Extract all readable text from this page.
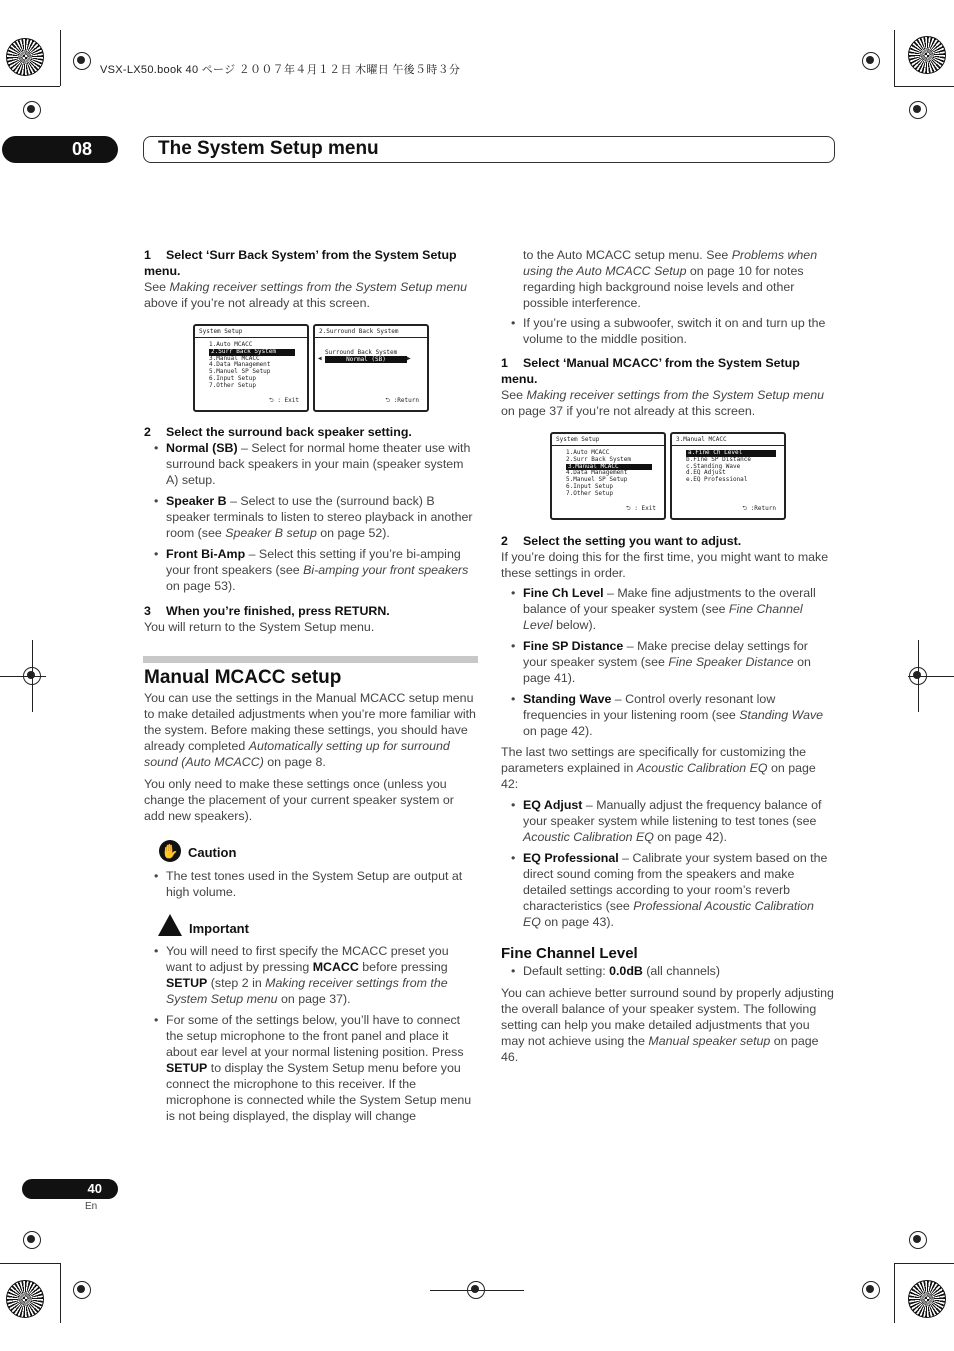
VSX-LX50.book 40 ページ ２００７年４月１２日 木曜日 午後５時３分
08	The System Setup menu

1 Select ‘Surr Back System’ from the System Setup menu.

See Making receiver settings from the System Setup menu above if you’re not already at this screen.

System Setup
1.Auto MCACC
2.Surr Back System
3.Manual MCACC
4.Data Management
5.Manuel SP Setup
6.Input Setup
7.Other Setup
⮌ : Exit
2.Surround Back System
Surround Back System
◀	Normal (SB)	▶
⮌ :Return

2 Select the surround back speaker setting.

• Normal (SB) – Select for normal home theater use with surround back speakers in your main (speaker system A) setup.

• Speaker B – Select to use the (surround back) B speaker terminals to listen to stereo playback in another room (see Speaker B setup on page 52).

• Front Bi-Amp – Select this setting if you’re bi-amping your front speakers (see Bi-amping your front speakers on page 53).

3 When you’re finished, press RETURN.

You will return to the System Setup menu.

Manual MCACC setup

You can use the settings in the Manual MCACC setup menu to make detailed adjustments when you’re more familiar with the system. Before making these settings, you should have already completed Automatically setting up for surround sound (Auto MCACC) on page 8.

You only need to make these settings once (unless you change the placement of your current speaker system or add new speakers).

✋ Caution

• The test tones used in the System Setup are output at high volume.

Important

• You will need to first specify the MCACC preset you want to adjust by pressing MCACC before pressing SETUP (step 2 in Making receiver settings from the System Setup menu on page 37).

• For some of the settings below, you’ll have to connect the setup microphone to the front panel and place it about ear level at your normal listening position. Press SETUP to display the System Setup menu before you connect the microphone to this receiver. If the microphone is connected while the System Setup menu is not being displayed, the display will change

to the Auto MCACC setup menu. See Problems when using the Auto MCACC Setup on page 10 for notes regarding high background noise levels and other possible interference.

• If you’re using a subwoofer, switch it on and turn up the volume to the middle position.

1 Select ‘Manual MCACC’ from the System Setup menu.

See Making receiver settings from the System Setup menu on page 37 if you’re not already at this screen.

System Setup
1.Auto MCACC
2.Surr Back System
3.Manual MCACC
4.Data Management
5.Manuel SP Setup
6.Input Setup
7.Other Setup
⮌ : Exit
3.Manual MCACC
a.Fine Ch Level
b.Fine SP Distance
c.Standing Wave
d.EQ Adjust
e.EQ Professional
⮌ :Return

2 Select the setting you want to adjust.

If you’re doing this for the first time, you might want to make these settings in order.

• Fine Ch Level – Make fine adjustments to the overall balance of your speaker system (see Fine Channel Level below).

• Fine SP Distance – Make precise delay settings for your speaker system (see Fine Speaker Distance on page 41).

• Standing Wave – Control overly resonant low frequencies in your listening room (see Standing Wave on page 42).

The last two settings are specifically for customizing the parameters explained in Acoustic Calibration EQ on page 42:

• EQ Adjust – Manually adjust the frequency balance of your speaker system while listening to test tones (see Acoustic Calibration EQ on page 42).

• EQ Professional – Calibrate your system based on the direct sound coming from the speakers and make detailed settings according to your room’s reverb characteristics (see Professional Acoustic Calibration EQ on page 43).

Fine Channel Level

• Default setting: 0.0dB (all channels)

You can achieve better surround sound by properly adjusting the overall balance of your speaker system. The following setting can help you make detailed adjustments that you may not achieve using the Manual speaker setup on page 46.

40
En
